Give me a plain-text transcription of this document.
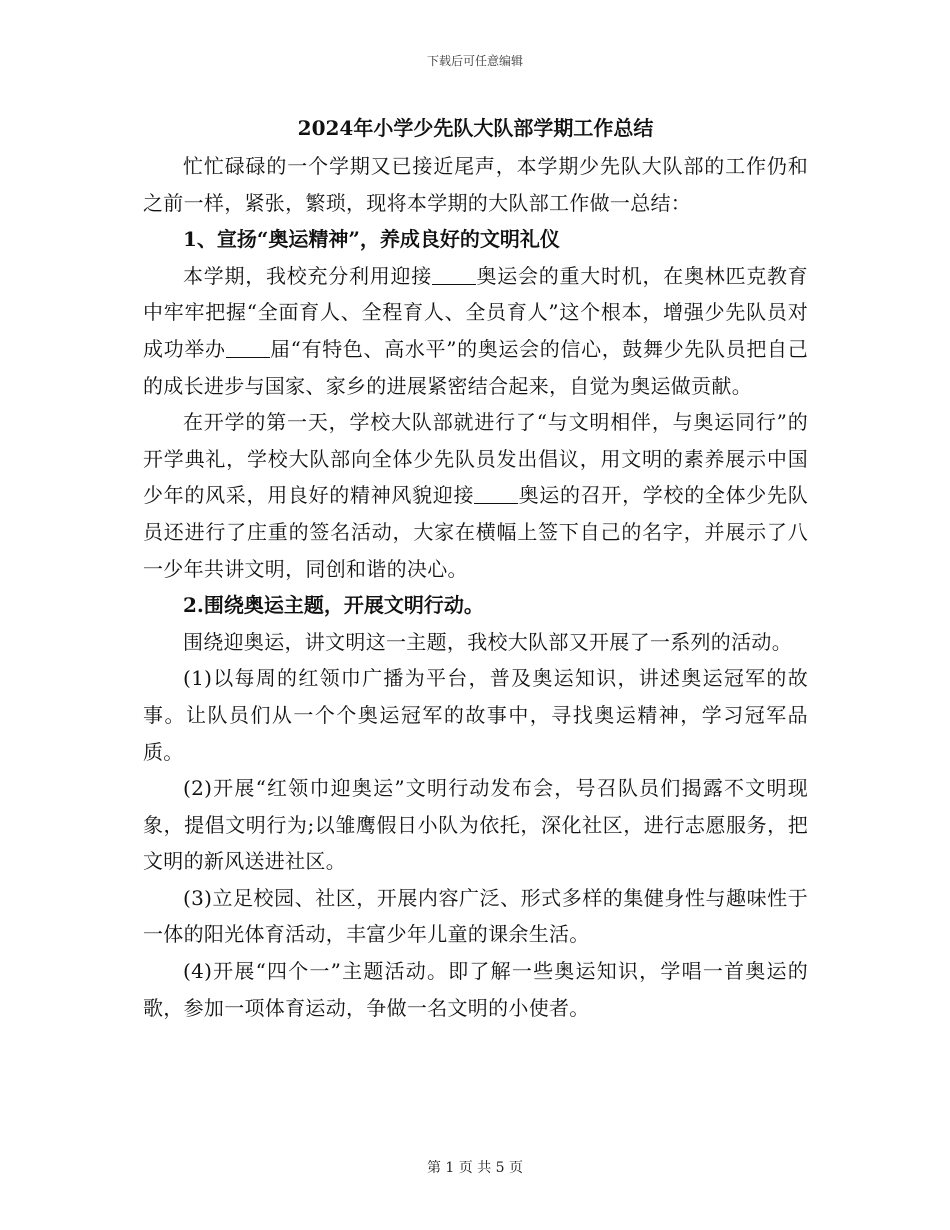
下载后可任意编辑
2024年小学少先队大队部学期工作总结

忙忙碌碌的一个学期又已接近尾声，本学期少先队大队部的工作仍和之前一样，紧张，繁琐，现将本学期的大队部工作做一总结：

1、宣扬“奥运精神”，养成良好的文明礼仪

本学期，我校充分利用迎接 奥运会的重大时机，在奥林匹克教育中牢牢把握“全面育人、全程育人、全员育人”这个根本，增强少先队员对成功举办 届“有特色、高水平”的奥运会的信心，鼓舞少先队员把自己的成长进步与国家、家乡的进展紧密结合起来，自觉为奥运做贡献。

在开学的第一天，学校大队部就进行了“与文明相伴，与奥运同行”的开学典礼，学校大队部向全体少先队员发出倡议，用文明的素养展示中国少年的风采，用良好的精神风貌迎接 奥运的召开，学校的全体少先队员还进行了庄重的签名活动，大家在横幅上签下自己的名字，并展示了八一少年共讲文明，同创和谐的决心。

2.围绕奥运主题，开展文明行动。

围绕迎奥运，讲文明这一主题，我校大队部又开展了一系列的活动。

(1)以每周的红领巾广播为平台，普及奥运知识，讲述奥运冠军的故事。让队员们从一个个奥运冠军的故事中，寻找奥运精神，学习冠军品质。

(2)开展“红领巾迎奥运”文明行动发布会，号召队员们揭露不文明现象，提倡文明行为;以雏鹰假日小队为依托，深化社区，进行志愿服务，把文明的新风送进社区。

(3)立足校园、社区，开展内容广泛、形式多样的集健身性与趣味性于一体的阳光体育活动，丰富少年儿童的课余生活。

(4)开展“四个一”主题活动。即了解一些奥运知识，学唱一首奥运的歌，参加一项体育运动，争做一名文明的小使者。

第 1 页 共 5 页
